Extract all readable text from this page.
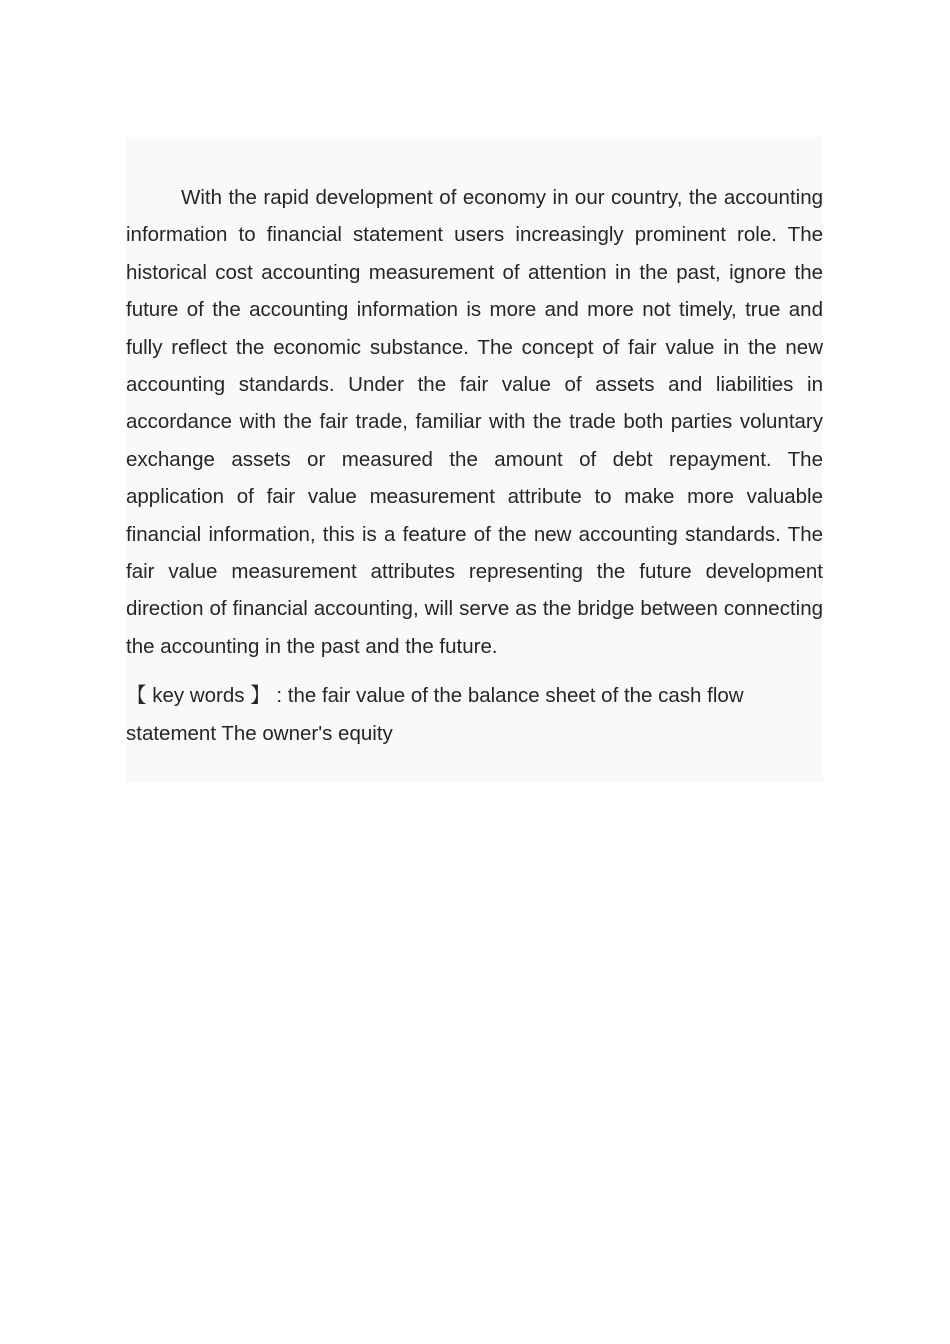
With the rapid development of economy in our country, the accounting information to financial statement users increasingly prominent role. The historical cost accounting measurement of attention in the past, ignore the future of the accounting information is more and more not timely, true and fully reflect the economic substance. The concept of fair value in the new accounting standards. Under the fair value of assets and liabilities in accordance with the fair trade, familiar with the trade both parties voluntary exchange assets or measured the amount of debt repayment. The application of fair value measurement attribute to make more valuable financial information, this is a feature of the new accounting standards. The fair value measurement attributes representing the future development direction of financial accounting, will serve as the bridge between connecting the accounting in the past and the future.

【 key words 】 : the fair value of the balance sheet of the cash flow statement The owner's equity
